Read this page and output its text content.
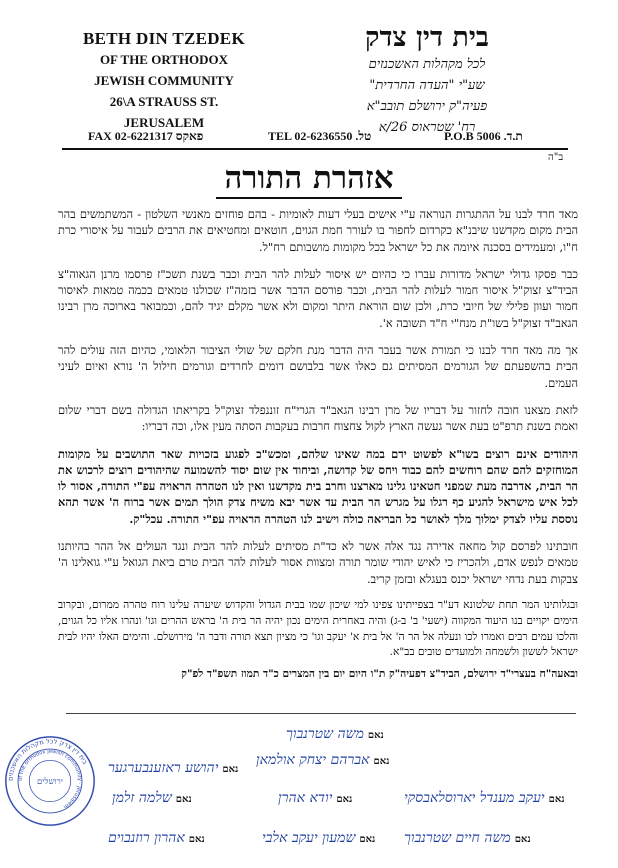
BETH DIN TZEDEK
OF THE ORTHODOX
JEWISH COMMUNITY
26\A STRAUSS ST.
JERUSALEM
בית דין צדק
לכל מקהלות האשכנזים
שע"י "העדה החרדית"
פעיה"ק ירושלם תובב"א
רח' שטראוס 26/א
FAX 02-6221317 פאקס	TEL 02-6236550 .טל	ת.ד. P.O.B 5006
ב"ה
אזהרת התורה

מאד חרד לבנו על ההתגרות הנוראה ע"י אישים בעלי דעות לאומיות - בהם פוחזים מאנשי השלטון - המשתמשים בהר הבית מקום מקדשנו שיבנ"א כקרדום לחפור בו לעורר חמת הגוים, חוטאים ומחטיאים את הרבים לעבור על איסורי כרת ח"ו, ומעמידים בסכנה איומה את כל ישראל בכל מקומות מושבותם רח"ל.

כבר פסקו גדולי ישראל מדורות עברו כי כהיום יש איסור לעלות להר הבית וכבר בשנת תשכ"ז פרסמו מרנן הגאוה"צ הביד"צ זצוק"ל איסור חמור לעלות להר הבית, וכבר פורסם הדבר אשר בזמה"ז שכולנו טמאים בכמה טמאות לאיסור חמור ועוון פלילי של חיובי כרת, ולכן שום הוראת היתר ומקום ולא אשר מקלם יגיד להם, וכמבואר בארוכה מרן רבינו הגאב"ד זצוק"ל בשו"ת מנח"י ח"ד תשובה א'.

אך מה מאד חרד לבנו כי תמורת אשר בעבר היה הדבר מנת חלקם של שולי הציבור הלאומי, כהיום הזה עולים להר הבית בהשפעתם של הגורמים המסיתים גם כאלו אשר בלבושם דומים לחרדים וגורמים חילול ה' נורא ואיום לעיני העמים.

לזאת מצאנו חובה לחזור על דבריו של מרן רבינו הגאב"ד הגרי"ח זוננפלד זצוק"ל בקריאתו הגדולה בשם דברי שלום ואמת בשנת תרפ"ט בעת אשר געשה הארץ לקול צחצוח חרבות בעקבות הסתה מעין אלו, וכה דבריו:

היהודים אינם רוצים בשו"א לפשוט ידם במה שאינו שלהם, ומכש"כ לפגוע בזכויות שאר התושבים על מקומות המוחזקים להם שהם רוחשים להם כבוד ויחס של קדושה, וביחוד אין שום יסוד להשמועה שהיהודים רוצים לרכוש את הר הבית, אדרבה מעת שמפני חטאינו גלינו מארצנו וחרב בית מקדשנו ואין לנו הטהרה הראויה עפ"י התורה, אסור לו לכל איש מישראל להגיע כף רגלו על מגרש הר הבית עד אשר יבא משיח צדק הולך תמים אשר ברוח ה' אשר תהא נוססת עליו לצדק ימלוך מלך לאושר כל הבריאה כולה וישיב לנו הטהרה הראויה עפ"י התורה. עכל"ק.

חובתינו לפרסם קול מחאה אדירה נגד אלה אשר לא כד"ת מסיתים לעלות להר הבית ונגד העולים אל ההר בהיותנו טמאים לנפש אדם, ולהכריז כי לאיש יהודי שומר תורה ומצוות אסור לעלות להר הבית טרם ביאת הגואל ע"י גואלינו ה' צבקות בעת נדחי ישראל יכנס בעגלא ובזמן קריב.

ובגלותינו המר תחת שלטונא דע"ר בצפייתינו צפינו למי שיכון שמו בבית הגדול והקדוש שיערה עלינו רוח טהרה ממרום, ובקרוב הימים יקויים בנו היעוד המקווה (ישעי' ב' ב-ג) והיה באחרית הימים נכון יהיה הר בית ה' בראש ההרים וגו' ונהרו אליו כל הגוים, והלכו עמים רבים ואמרו לכו ונעלה אל הר ה' אל בית א' יעקב וגו' כי מציון תצא תורה ודבר ה' מירושלם. והימים האלו יהיו לבית ישראל לששון ולשמחה ולמועדים טובים בב"א.

ובאעה"ח בעצרי"ד ירושלם, הביד"צ דפעיה"ק ת"ו היום יום בין המצרים כ"ד תמוז תשפ"ד לפ"ק

נאםמשה שטרנבוך
נאםאברהם יצחק אולמאן
נאםיהושע ראזענבערגער
נאםיעקב מענדל יארוסלאבסקי
נאםיודא אהרן
נאםשלמה זלמן
נאםמשה חיים שטרנבוך
נאםשמעון יעקב אלבי
נאםאהרון רוזנבוים
בית דין צדק לכל מקהלות האשכנזים
of the orthodox jewish community · Jerusalem
ירושלים
